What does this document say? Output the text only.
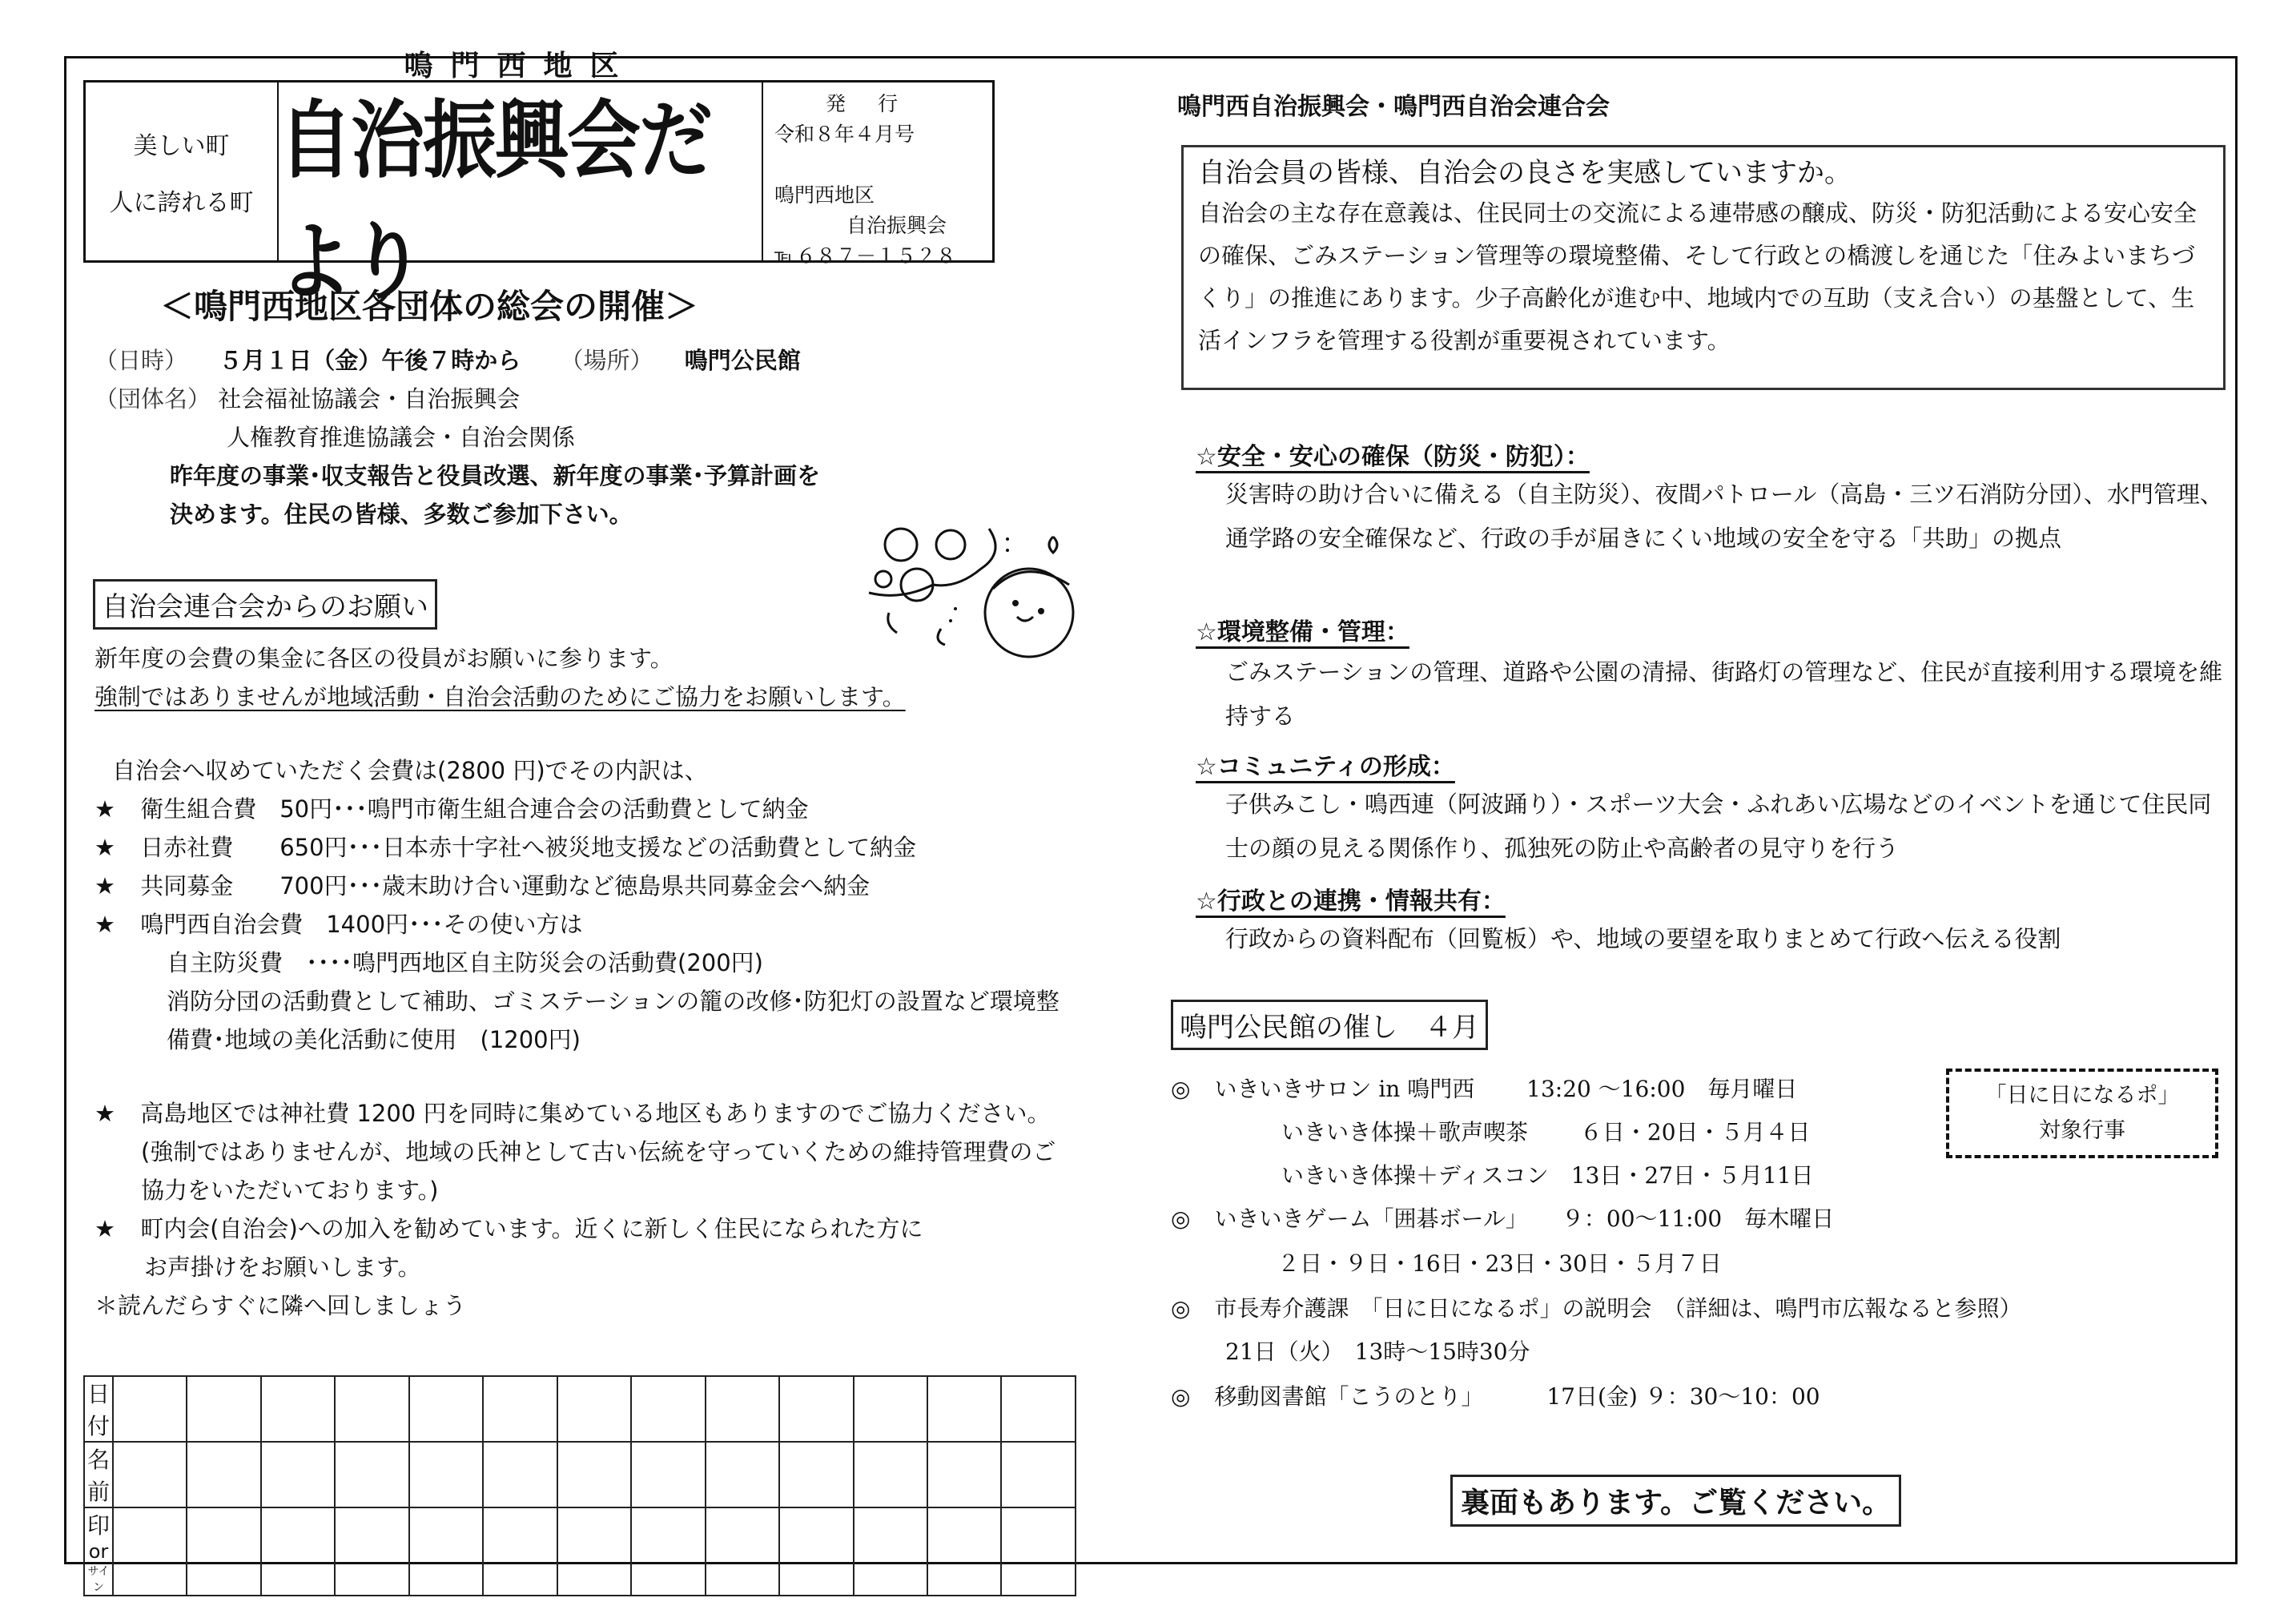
美しい町
人に誇れる町
鳴門西地区
自治振興会だより
発行
令和８年４月号
鳴門西地区
自治振興会
℡６８７－１５２８
＜鳴門西地区各団体の総会の開催＞
（日時） ５月１日（金）午後７時から （場所） 鳴門公民館
（団体名） 社会福祉協議会・自治振興会
人権教育推進協議会・自治会関係
昨年度の事業･収支報告と役員改選、新年度の事業･予算計画を
決めます。住民の皆様、多数ご参加下さい。
自治会連合会からのお願い
新年度の会費の集金に各区の役員がお願いに参ります。
強制ではありませんが地域活動・自治会活動のためにご協力をお願いします。
自治会へ収めていただく会費は(2800 円)でその内訳は、
★ 衛生組合費　50円･･･鳴門市衛生組合連合会の活動費として納金
★ 日赤社費　　650円･･･日本赤十字社へ被災地支援などの活動費として納金
★ 共同募金　　700円･･･歳末助け合い運動など徳島県共同募金会へ納金
★ 鳴門西自治会費　1400円･･･その使い方は
自主防災費　････鳴門西地区自主防災会の活動費(200円)
消防分団の活動費として補助、ゴミステーションの籠の改修･防犯灯の設置など環境整
備費･地域の美化活動に使用　(1200円)
★ 高島地区では神社費 1200 円を同時に集めている地区もありますのでご協力ください。
(強制ではありませんが、地域の氏神として古い伝統を守っていくための維持管理費のご
協力をいただいております。)
★ 町内会(自治会)への加入を勧めています。近くに新しく住民になられた方に
お声掛けをお願いします。
＊読んだらすぐに隣へ回しましょう
日付													
名前													

印
or
サイン													

鳴門西自治振興会・鳴門西自治会連合会
自治会員の皆様、自治会の良さを実感していますか。
自治会の主な存在意義は、住民同士の交流による連帯感の醸成、防災・防犯活動による安心安全の確保、ごみステーション管理等の環境整備、そして行政との橋渡しを通じた「住みよいまちづくり」の推進にあります。少子高齢化が進む中、地域内での互助（支え合い）の基盤として、生活インフラを管理する役割が重要視されています。
☆安全・安心の確保（防災・防犯）：
災害時の助け合いに備える（自主防災）、夜間パトロール（高島・三ツ石消防分団）、水門管理、通学路の安全確保など、行政の手が届きにくい地域の安全を守る「共助」の拠点
☆環境整備・管理：
ごみステーションの管理、道路や公園の清掃、街路灯の管理など、住民が直接利用する環境を維持する
☆コミュニティの形成：
子供みこし・鳴西連（阿波踊り）・スポーツ大会・ふれあい広場などのイベントを通じて住民同士の顔の見える関係作り、孤独死の防止や高齢者の見守りを行う
☆行政との連携・情報共有：
行政からの資料配布（回覧板）や、地域の要望を取りまとめて行政へ伝える役割
鳴門公民館の催し　４月
◎ いきいきサロン in 鳴門西　　 13:20 ～16:00　毎月曜日
いきいき体操＋歌声喫茶　　 ６日・20日・５月４日
いきいき体操＋ディスコン　13日・27日・５月11日
◎ いきいきゲーム「囲碁ボール」　　９：00～11:00　毎木曜日
２日・９日・16日・23日・30日・５月７日
◎ 市長寿介護課　「日に日になるポ」の説明会　（詳細は、鳴門市広報なると参照）
21日（火）　13時～15時30分
◎ 移動図書館「こうのとり」　　　 17日(金) ９：30～10：00
「日に日になるポ」
対象行事
裏面もあります。ご覧ください。
